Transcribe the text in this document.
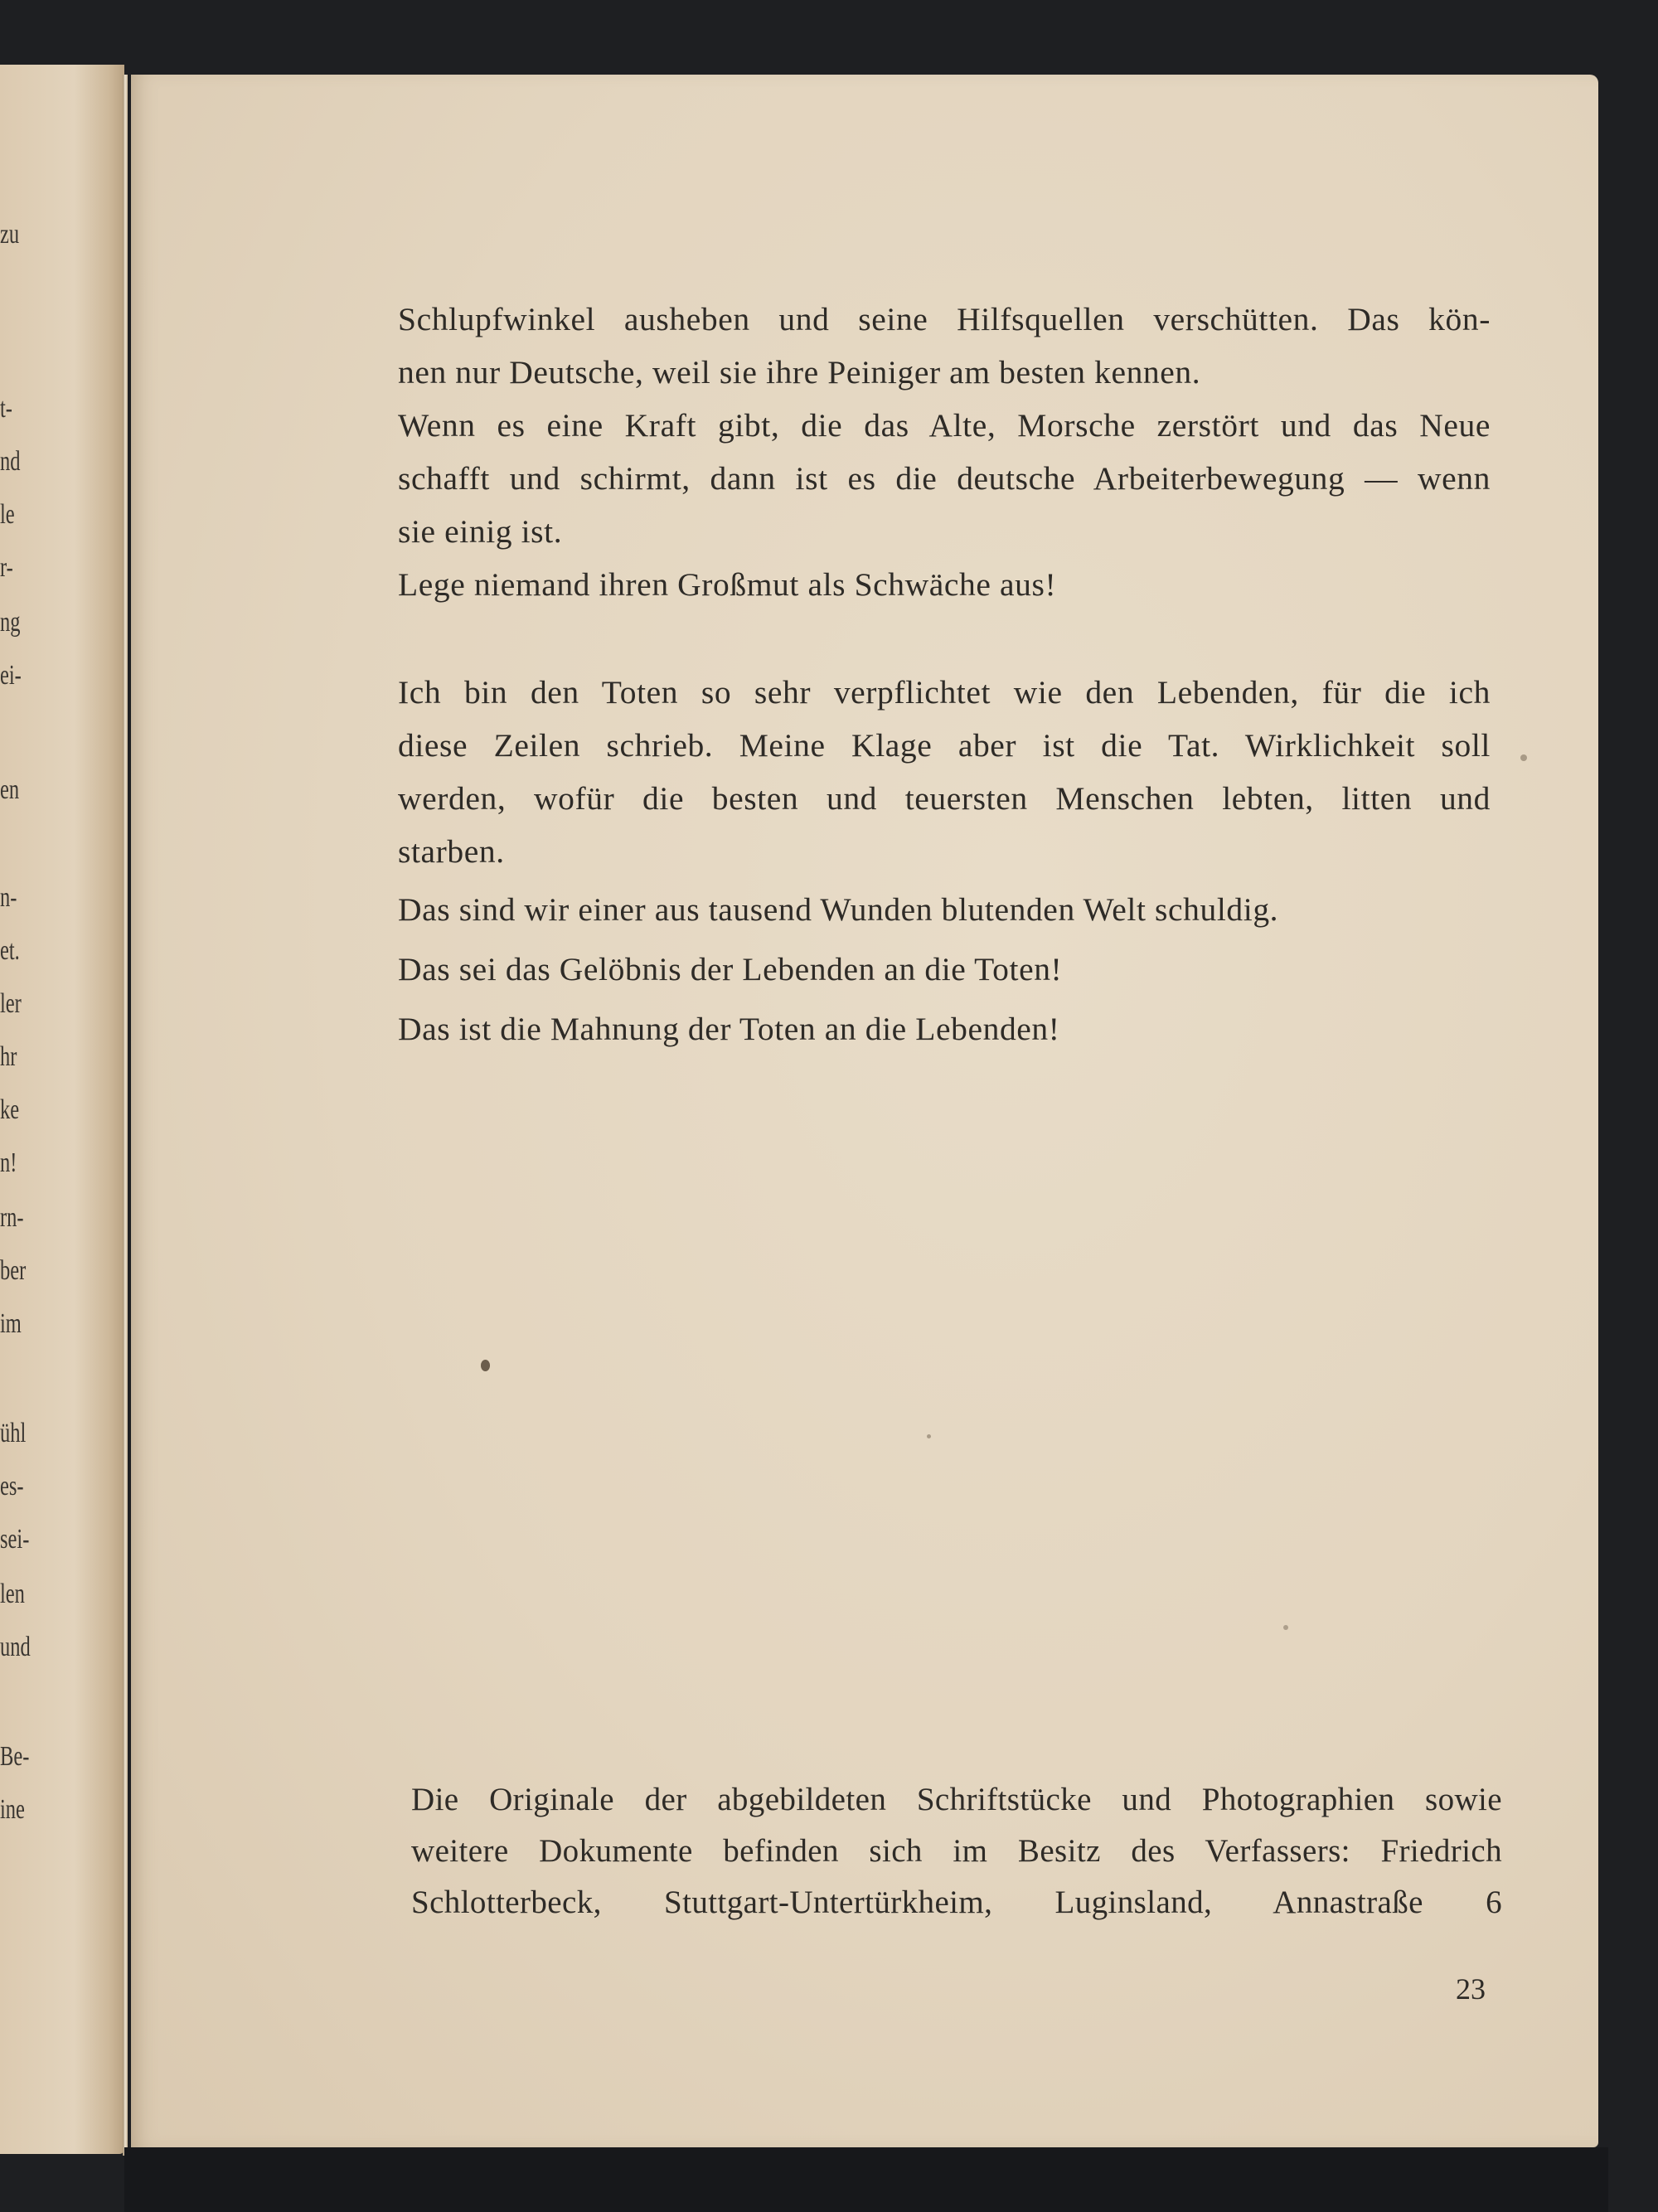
zu
t-
nd
le
r-
ng
ei-
en
n-
et.
ler
hr
ke
n!
rn-
ber
im
ühl
es-
sei-
len
und
Be-
ine
Schlupfwinkel ausheben und seine Hilfsquellen verschütten. Das kön-
nen nur Deutsche, weil sie ihre Peiniger am besten kennen.
Wenn es eine Kraft gibt, die das Alte, Morsche zerstört und das Neue
schafft und schirmt, dann ist es die deutsche Arbeiterbewegung — wenn
sie einig ist.
Lege niemand ihren Großmut als Schwäche aus!
Ich bin den Toten so sehr verpflichtet wie den Lebenden, für die ich
diese Zeilen schrieb. Meine Klage aber ist die Tat. Wirklichkeit soll
werden, wofür die besten und teuersten Menschen lebten, litten und
starben.
Das sind wir einer aus tausend Wunden blutenden Welt schuldig.
Das sei das Gelöbnis der Lebenden an die Toten!
Das ist die Mahnung der Toten an die Lebenden!
Die Originale der abgebildeten Schriftstücke und Photographien sowie
weitere Dokumente befinden sich im Besitz des Verfassers: Friedrich
Schlotterbeck, Stuttgart-Untertürkheim, Luginsland, Annastraße 6
23
